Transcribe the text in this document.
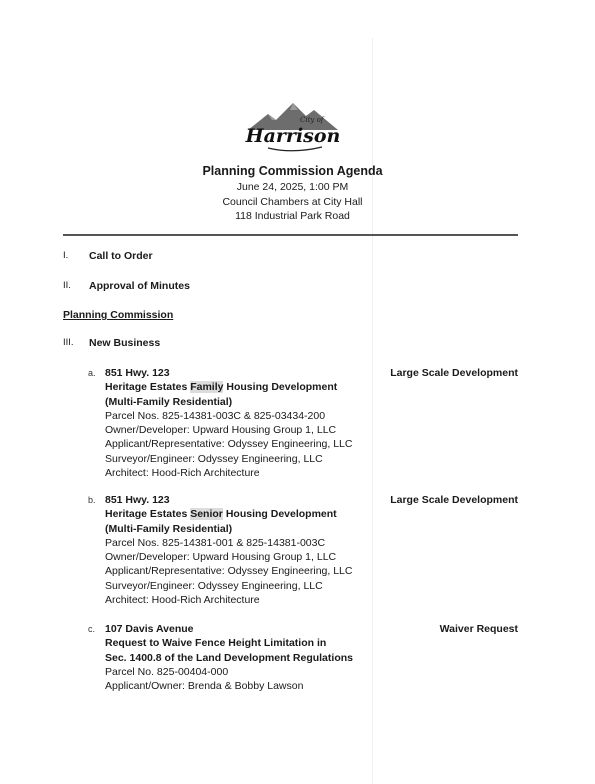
City of
Harrison
Planning Commission Agenda
June 24, 2025, 1:00 PM
Council Chambers at City Hall
118 Industrial Park Road
I.	Call to Order
II.	Approval of Minutes
Planning Commission
III.	New Business
a. 851 Hwy. 123
Heritage Estates Family Housing Development
(Multi-Family Residential)
Parcel Nos. 825-14381-003C & 825-03434-200
Owner/Developer: Upward Housing Group 1, LLC
Applicant/Representative: Odyssey Engineering, LLC
Surveyor/Engineer: Odyssey Engineering, LLC
Architect: Hood-Rich Architecture
Large Scale Development
b. 851 Hwy. 123
Heritage Estates Senior Housing Development
(Multi-Family Residential)
Parcel Nos. 825-14381-001 & 825-14381-003C
Owner/Developer: Upward Housing Group 1, LLC
Applicant/Representative: Odyssey Engineering, LLC
Surveyor/Engineer: Odyssey Engineering, LLC
Architect: Hood-Rich Architecture
Large Scale Development
c. 107 Davis Avenue
Request to Waive Fence Height Limitation in
Sec. 1400.8 of the Land Development Regulations
Parcel No. 825-00404-000
Applicant/Owner: Brenda & Bobby Lawson
Waiver Request
